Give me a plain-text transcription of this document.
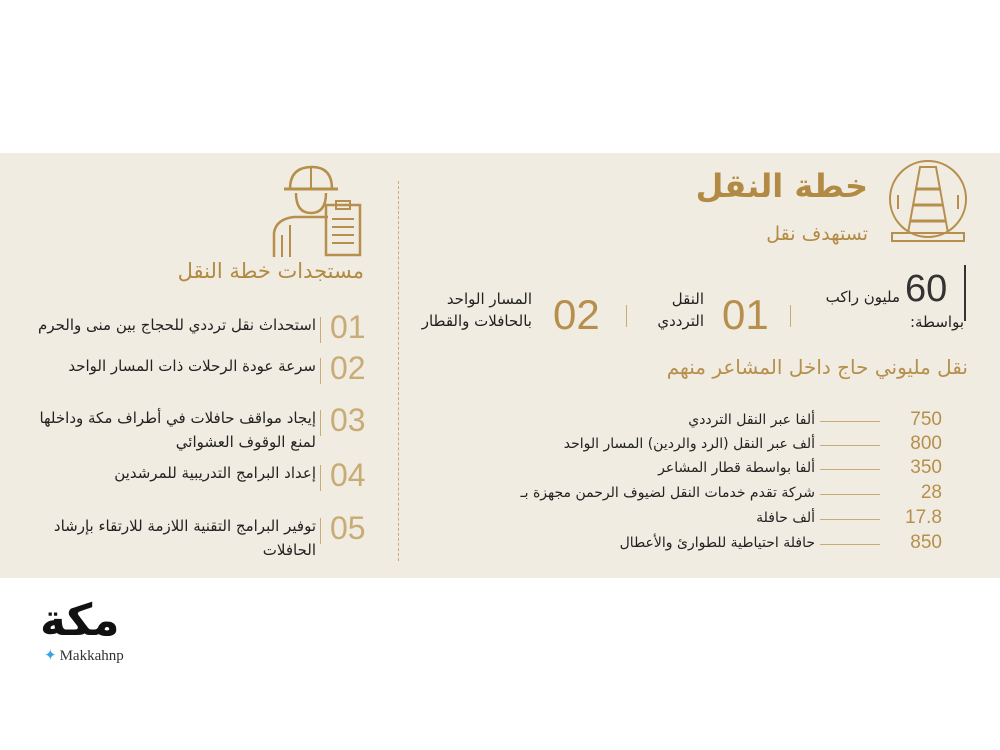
خطة النقل
تستهدف نقل
60
مليون راكب
بواسطة:
01
النقل
الترددي
02
المسار الواحد
بالحافلات والقطار
نقل مليوني حاج داخل المشاعر منهم
750
ألفا عبر النقل الترددي
800
ألف عبر النقل (الرد والردين) المسار الواحد
350
ألفا بواسطة قطار المشاعر
28
شركة تقدم خدمات النقل لضيوف الرحمن مجهزة بـ
17.8
ألف حافلة
850
حافلة احتياطية للطوارئ والأعطال
مستجدات خطة النقل
01
استحداث نقل ترددي للحجاج بين منى والحرم
02
سرعة عودة الرحلات ذات المسار الواحد
03
إيجاد مواقف حافلات في أطراف مكة وداخلها لمنع الوقوف العشوائي
04
إعداد البرامج التدريبية للمرشدين
05
توفير البرامج التقنية اللازمة للارتقاء بإرشاد الحافلات
مكة
✦ Makkahnp
